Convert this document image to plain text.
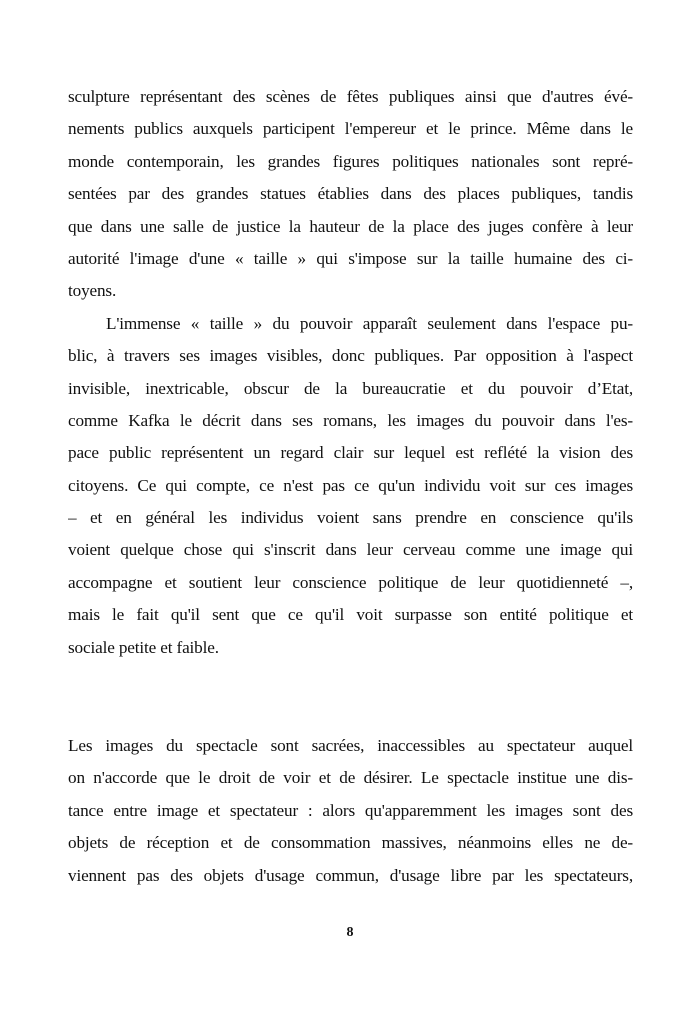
sculpture représentant des scènes de fêtes publiques ainsi que d'autres évé-
nements publics auxquels participent l'empereur et le prince. Même dans le
monde contemporain, les grandes figures politiques nationales sont repré-
sentées par des grandes statues établies dans des places publiques, tandis
que dans une salle de justice la hauteur de la place des juges confère à leur
autorité l'image d'une « taille » qui s'impose sur la taille humaine des ci-
toyens.
L'immense « taille » du pouvoir apparaît seulement dans l'espace pu-
blic, à travers ses images visibles, donc publiques. Par opposition à l'aspect
invisible, inextricable, obscur de la bureaucratie et du pouvoir d’Etat,
comme Kafka le décrit dans ses romans, les images du pouvoir dans l'es-
pace public représentent un regard clair sur lequel est reflété la vision des
citoyens. Ce qui compte, ce n'est pas ce qu'un individu voit sur ces images
– et en général les individus voient sans prendre en conscience qu'ils
voient quelque chose qui s'inscrit dans leur cerveau comme une image qui
accompagne et soutient leur conscience politique de leur quotidienneté –,
mais le fait qu'il sent que ce qu'il voit surpasse son entité politique et
sociale petite et faible.
Les images du spectacle sont sacrées, inaccessibles au spectateur auquel
on n'accorde que le droit de voir et de désirer. Le spectacle institue une dis-
tance entre image et spectateur : alors qu'apparemment les images sont des
objets de réception et de consommation massives, néanmoins elles ne de-
viennent pas des objets d'usage commun, d'usage libre par les spectateurs,
8
